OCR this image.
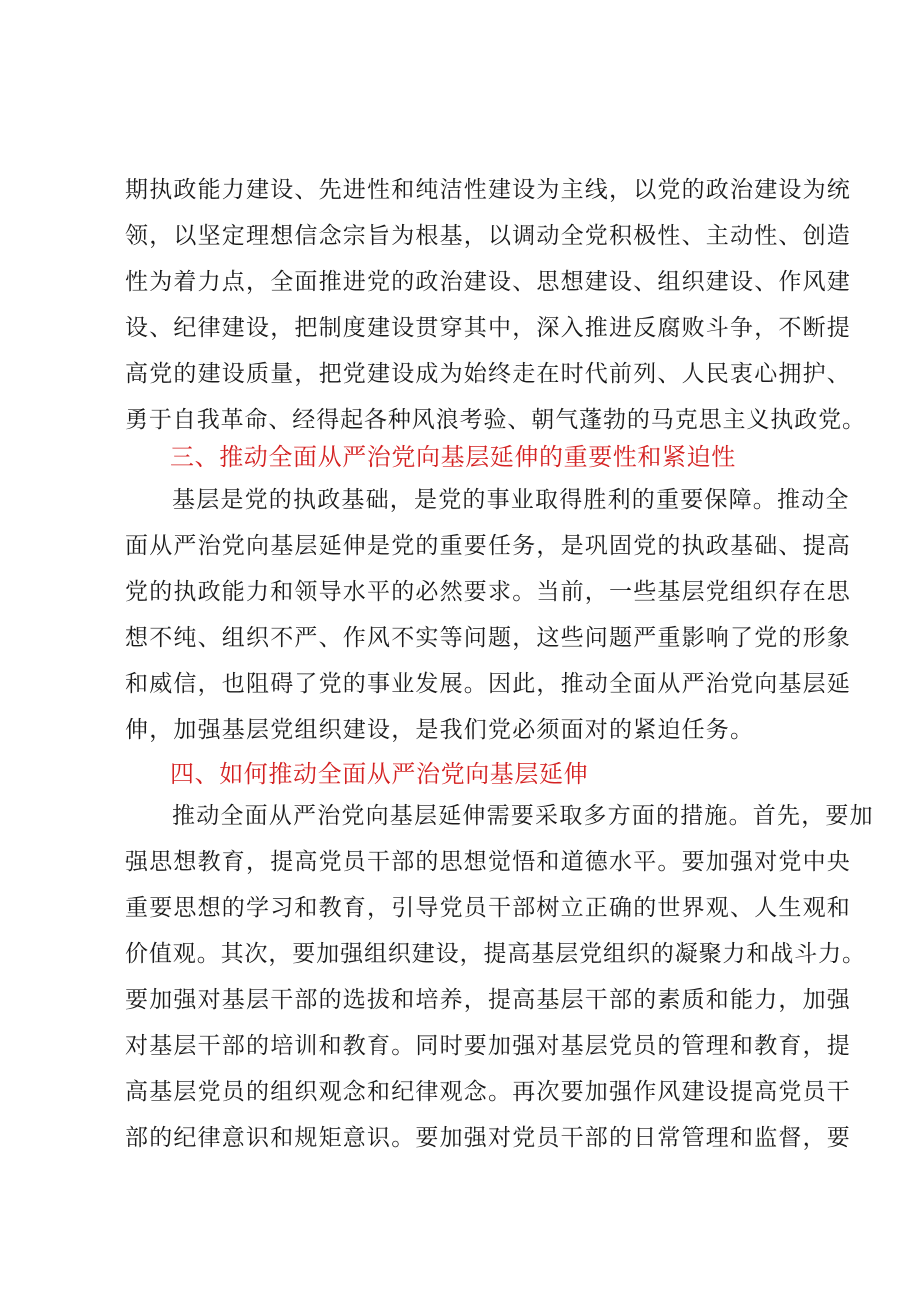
期执政能力建设、先进性和纯洁性建设为主线，以党的政治建设为统
领，以坚定理想信念宗旨为根基，以调动全党积极性、主动性、创造
性为着力点，全面推进党的政治建设、思想建设、组织建设、作风建
设、纪律建设，把制度建设贯穿其中，深入推进反腐败斗争，不断提
高党的建设质量，把党建设成为始终走在时代前列、人民衷心拥护、
勇于自我革命、经得起各种风浪考验、朝气蓬勃的马克思主义执政党。
三、推动全面从严治党向基层延伸的重要性和紧迫性
基层是党的执政基础，是党的事业取得胜利的重要保障。推动全
面从严治党向基层延伸是党的重要任务，是巩固党的执政基础、提高
党的执政能力和领导水平的必然要求。当前，一些基层党组织存在思
想不纯、组织不严、作风不实等问题，这些问题严重影响了党的形象
和威信，也阻碍了党的事业发展。因此，推动全面从严治党向基层延
伸，加强基层党组织建设，是我们党必须面对的紧迫任务。
四、如何推动全面从严治党向基层延伸
推动全面从严治党向基层延伸需要采取多方面的措施。首先，要加
强思想教育，提高党员干部的思想觉悟和道德水平。要加强对党中央
重要思想的学习和教育，引导党员干部树立正确的世界观、人生观和
价值观。其次，要加强组织建设，提高基层党组织的凝聚力和战斗力。
要加强对基层干部的选拔和培养，提高基层干部的素质和能力，加强
对基层干部的培训和教育。同时要加强对基层党员的管理和教育，提
高基层党员的组织观念和纪律观念。再次要加强作风建设提高党员干
部的纪律意识和规矩意识。要加强对党员干部的日常管理和监督，要
